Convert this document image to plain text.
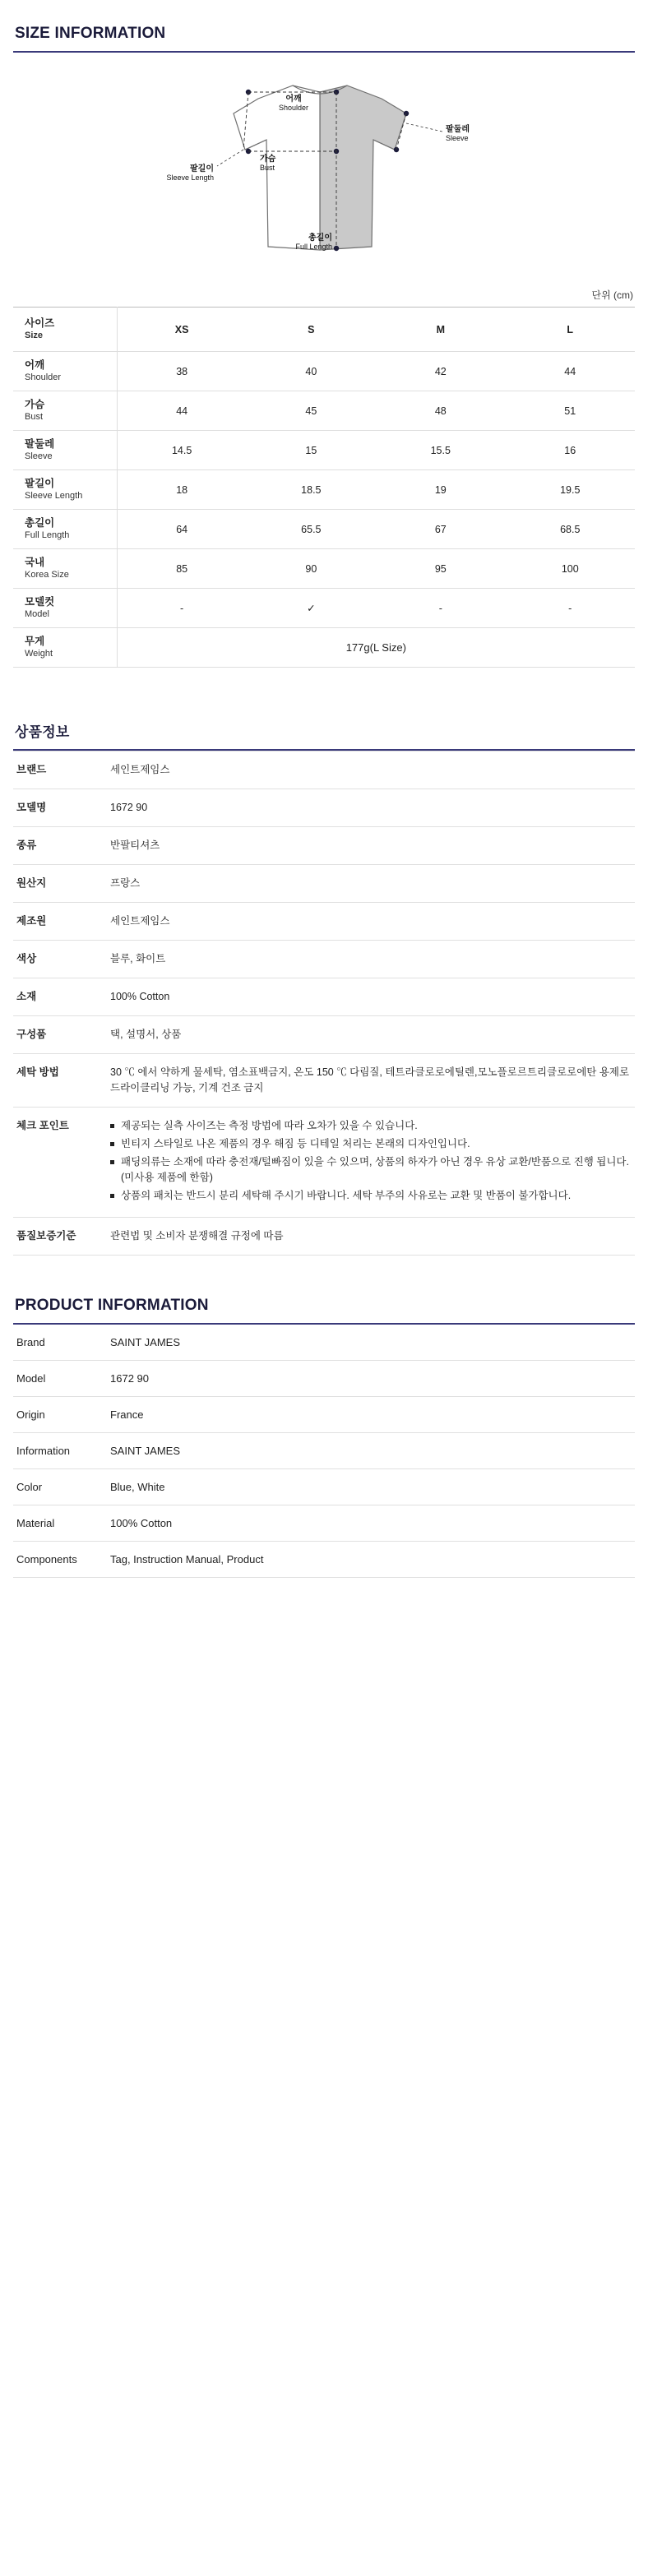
SIZE INFORMATION
어깨
Shoulder
팔둘레
Sleeve
팔길이
Sleeve Length
가슴
Bust
총길이
Full Length
단위 (cm)
사이즈
Size	XS	S	M	L

어깨
Shoulder	38	40	42	44

가슴
Bust	44	45	48	51

팔둘레
Sleeve	14.5	15	15.5	16

팔길이
Sleeve Length	18	18.5	19	19.5

총길이
Full Length	64	65.5	67	68.5

국내
Korea Size	85	90	95	100

모델컷
Model	-	✓	-	-

무게
Weight	177g(L Size)			
상품정보
브랜드	세인트제임스
모델명	1672 90
종류	반팔티셔츠
원산지	프랑스
제조원	세인트제임스
색상	블루, 화이트
소재	100% Cotton
구성품	택, 설명서, 상품
세탁 방법	30 ℃ 에서 약하게 물세탁, 염소표백금지, 온도 150 ℃ 다림질, 테트라클로로에틸렌,모노플로르트리클로로에탄 용제로 드라이클리닝 가능, 기계 건조 금지
체크 포인트	제공되는 실측 사이즈는 측정 방법에 따라 오차가 있을 수 있습니다.
빈티지 스타일로 나온 제품의 경우 해짐 등 디테일 처리는 본래의 디자인입니다.
패딩의류는 소재에 따라 충전재/털빠짐이 있을 수 있으며, 상품의 하자가 아닌 경우 유상 교환/반품으로 진행 됩니다.(미사용 제품에 한함)
상품의 패치는 반드시 분리 세탁해 주시기 바랍니다. 세탁 부주의 사유로는 교환 및 반품이 불가합니다.

품질보증기준	관련법 및 소비자 분쟁해결 규정에 따름
PRODUCT INFORMATION
Brand	SAINT JAMES
Model	1672 90
Origin	France
Information	SAINT JAMES
Color	Blue, White
Material	100% Cotton
Components	Tag, Instruction Manual, Product
